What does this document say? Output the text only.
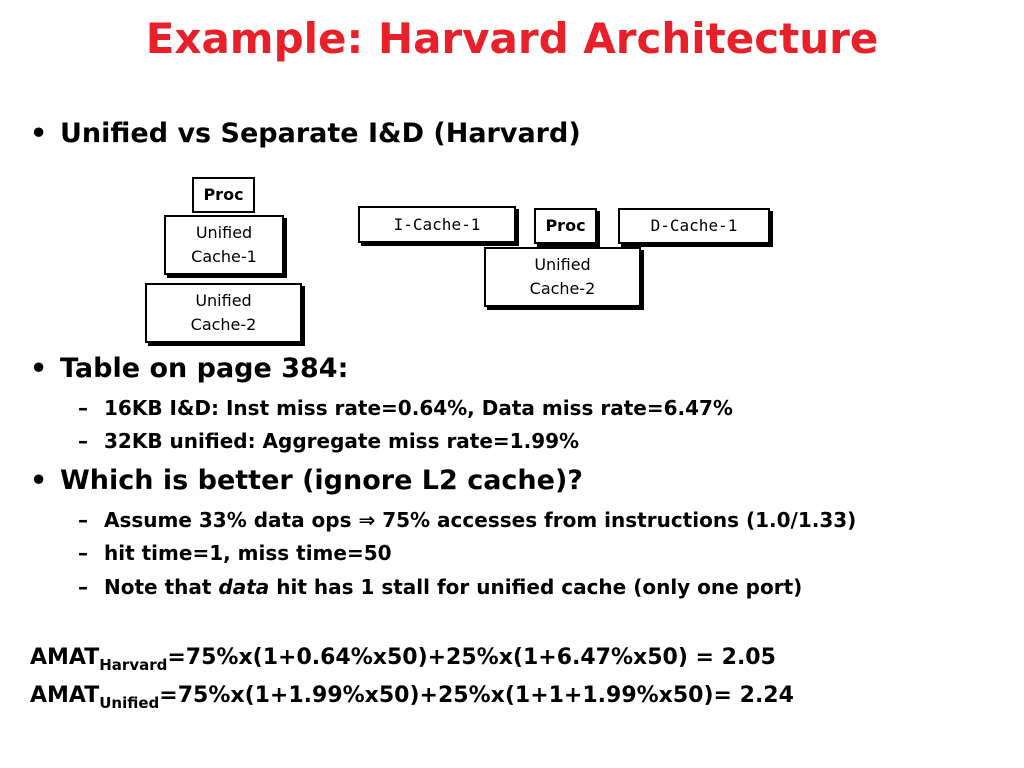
Example: Harvard Architecture
• Unified vs Separate I&D (Harvard)
Proc
Unified
Cache-1
Unified
Cache-2
I-Cache-1	Proc	D-Cache-1
Unified
Cache-2
• Table on page 384:
– 16KB I&D: Inst miss rate=0.64%, Data miss rate=6.47%
– 32KB unified: Aggregate miss rate=1.99%
• Which is better (ignore L2 cache)?
– Assume 33% data ops ⇒ 75% accesses from instructions (1.0/1.33)
– hit time=1, miss time=50
– Note that data hit has 1 stall for unified cache (only one port)
$AMAT_{Harvard}=75\%x(1+0.64\%x50)+25\%x(1+6.47\%x50) = 2.05$
$AMAT_{Unified}=75\%x(1+1.99\%x50)+25\%x(1+1+1.99\%x50)= 2.24$
